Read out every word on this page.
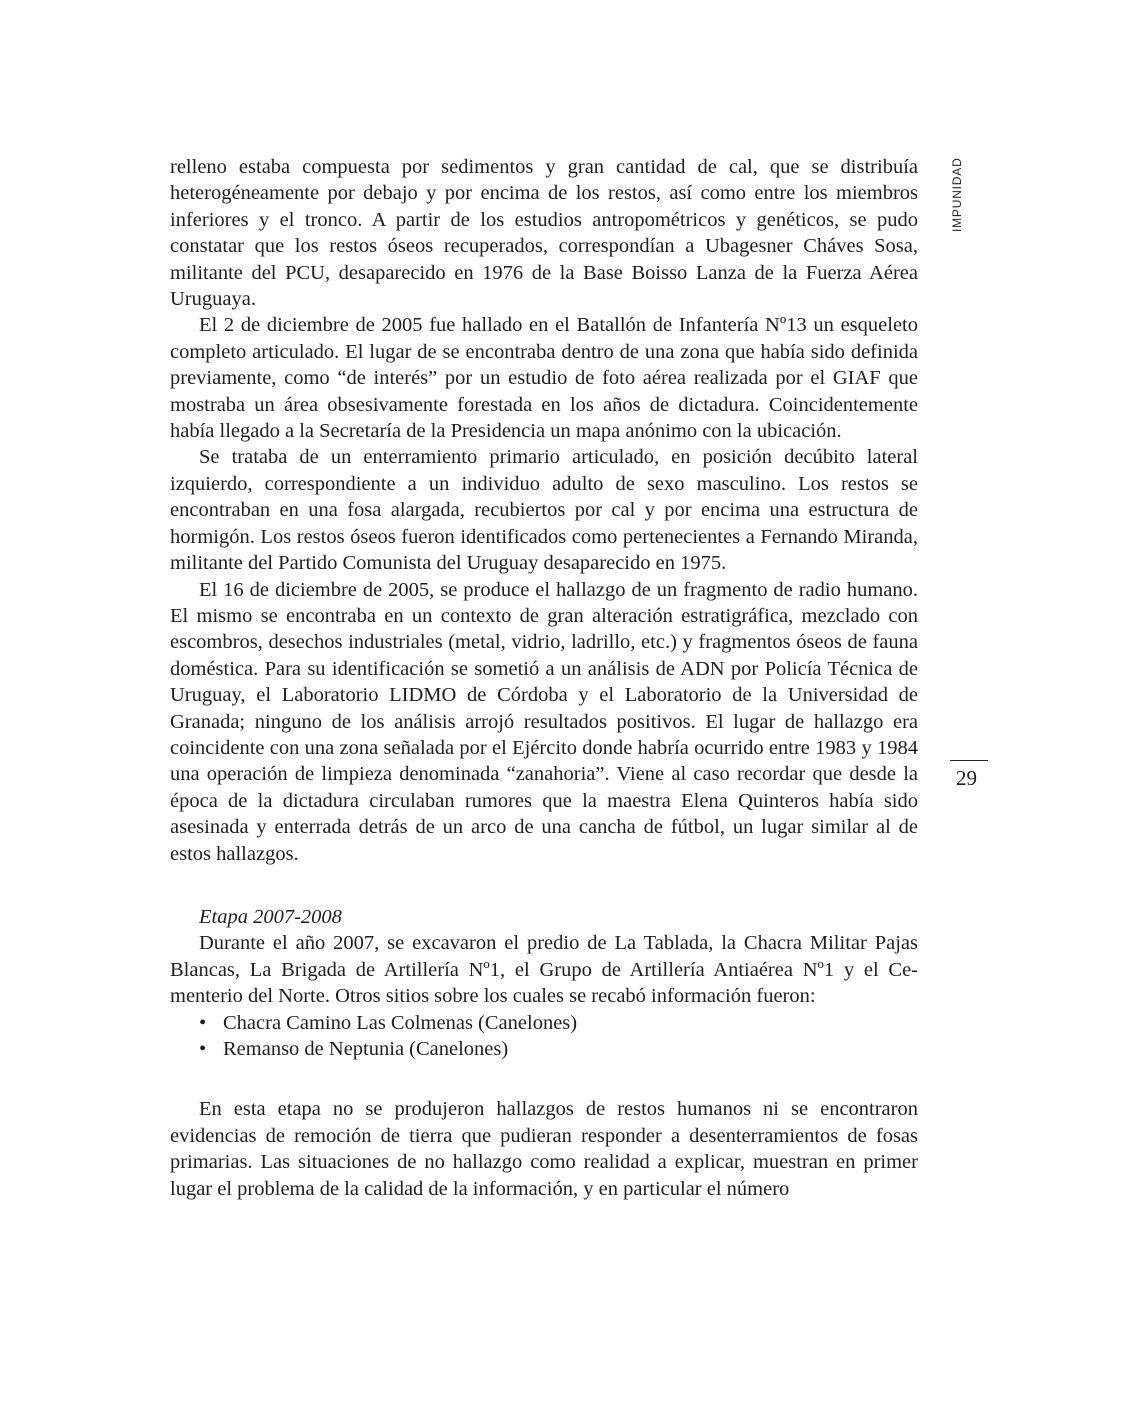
IMPUNIDAD
29

relleno estaba compuesta por sedimentos y gran cantidad de cal, que se distribuía heterogéneamente por debajo y por encima de los restos, así como entre los miembros inferiores y el tronco. A partir de los estudios antropométricos y genéticos, se pudo constatar que los restos óseos recuperados, correspondían a Ubagesner Cháves Sosa, militante del PCU, desaparecido en 1976 de la Base Boisso Lanza de la Fuerza Aérea Uruguaya.

El 2 de diciembre de 2005 fue hallado en el Batallón de Infantería Nº13 un esqueleto completo articulado. El lugar de se encontraba dentro de una zona que había sido definida previamente, como “de interés” por un estudio de foto aérea realizada por el GIAF que mostraba un área obsesivamente forestada en los años de dictadura. Coincidentemente había llegado a la Secretaría de la Presidencia un mapa anónimo con la ubicación.

Se trataba de un enterramiento primario articulado, en posición decúbito lateral izquierdo, correspondiente a un individuo adulto de sexo masculino. Los restos se encontraban en una fosa alargada, recubiertos por cal y por encima una estructura de hormigón. Los restos óseos fueron identificados como pertenecientes a Fernando Miranda, militante del Partido Comunista del Uruguay desaparecido en 1975.

El 16 de diciembre de 2005, se produce el hallazgo de un fragmento de radio humano. El mismo se encontraba en un contexto de gran alteración estratigráfica, mezclado con escombros, desechos industriales (metal, vidrio, ladrillo, etc.) y fragmentos óseos de fauna doméstica. Para su identificación se sometió a un análisis de ADN por Policía Técnica de Uruguay, el Laboratorio LIDMO de Córdoba y el Laboratorio de la Universidad de Granada; ninguno de los análisis arrojó resultados positivos. El lugar de hallazgo era coincidente con una zona señalada por el Ejército donde habría ocurrido entre 1983 y 1984 una operación de limpieza denominada “zanahoria”. Viene al caso recordar que desde la época de la dictadura circulaban rumores que la maestra Elena Quinteros había sido asesinada y enterrada detrás de un arco de una cancha de fútbol, un lugar similar al de estos hallazgos.

Etapa 2007-2008

Durante el año 2007, se excavaron el predio de La Tablada, la Chacra Militar Pajas Blancas, La Brigada de Artillería Nº1, el Grupo de Artillería Antiaérea Nº1 y el Cementerio del Norte. Otros sitios sobre los cuales se recabó información fueron:

• Chacra Camino Las Colmenas (Canelones)
• Remanso de Neptunia (Canelones)

En esta etapa no se produjeron hallazgos de restos humanos ni se encontraron evidencias de remoción de tierra que pudieran responder a desenterramientos de fosas primarias. Las situaciones de no hallazgo como realidad a explicar, muestran en primer lugar el problema de la calidad de la información, y en particular el número
